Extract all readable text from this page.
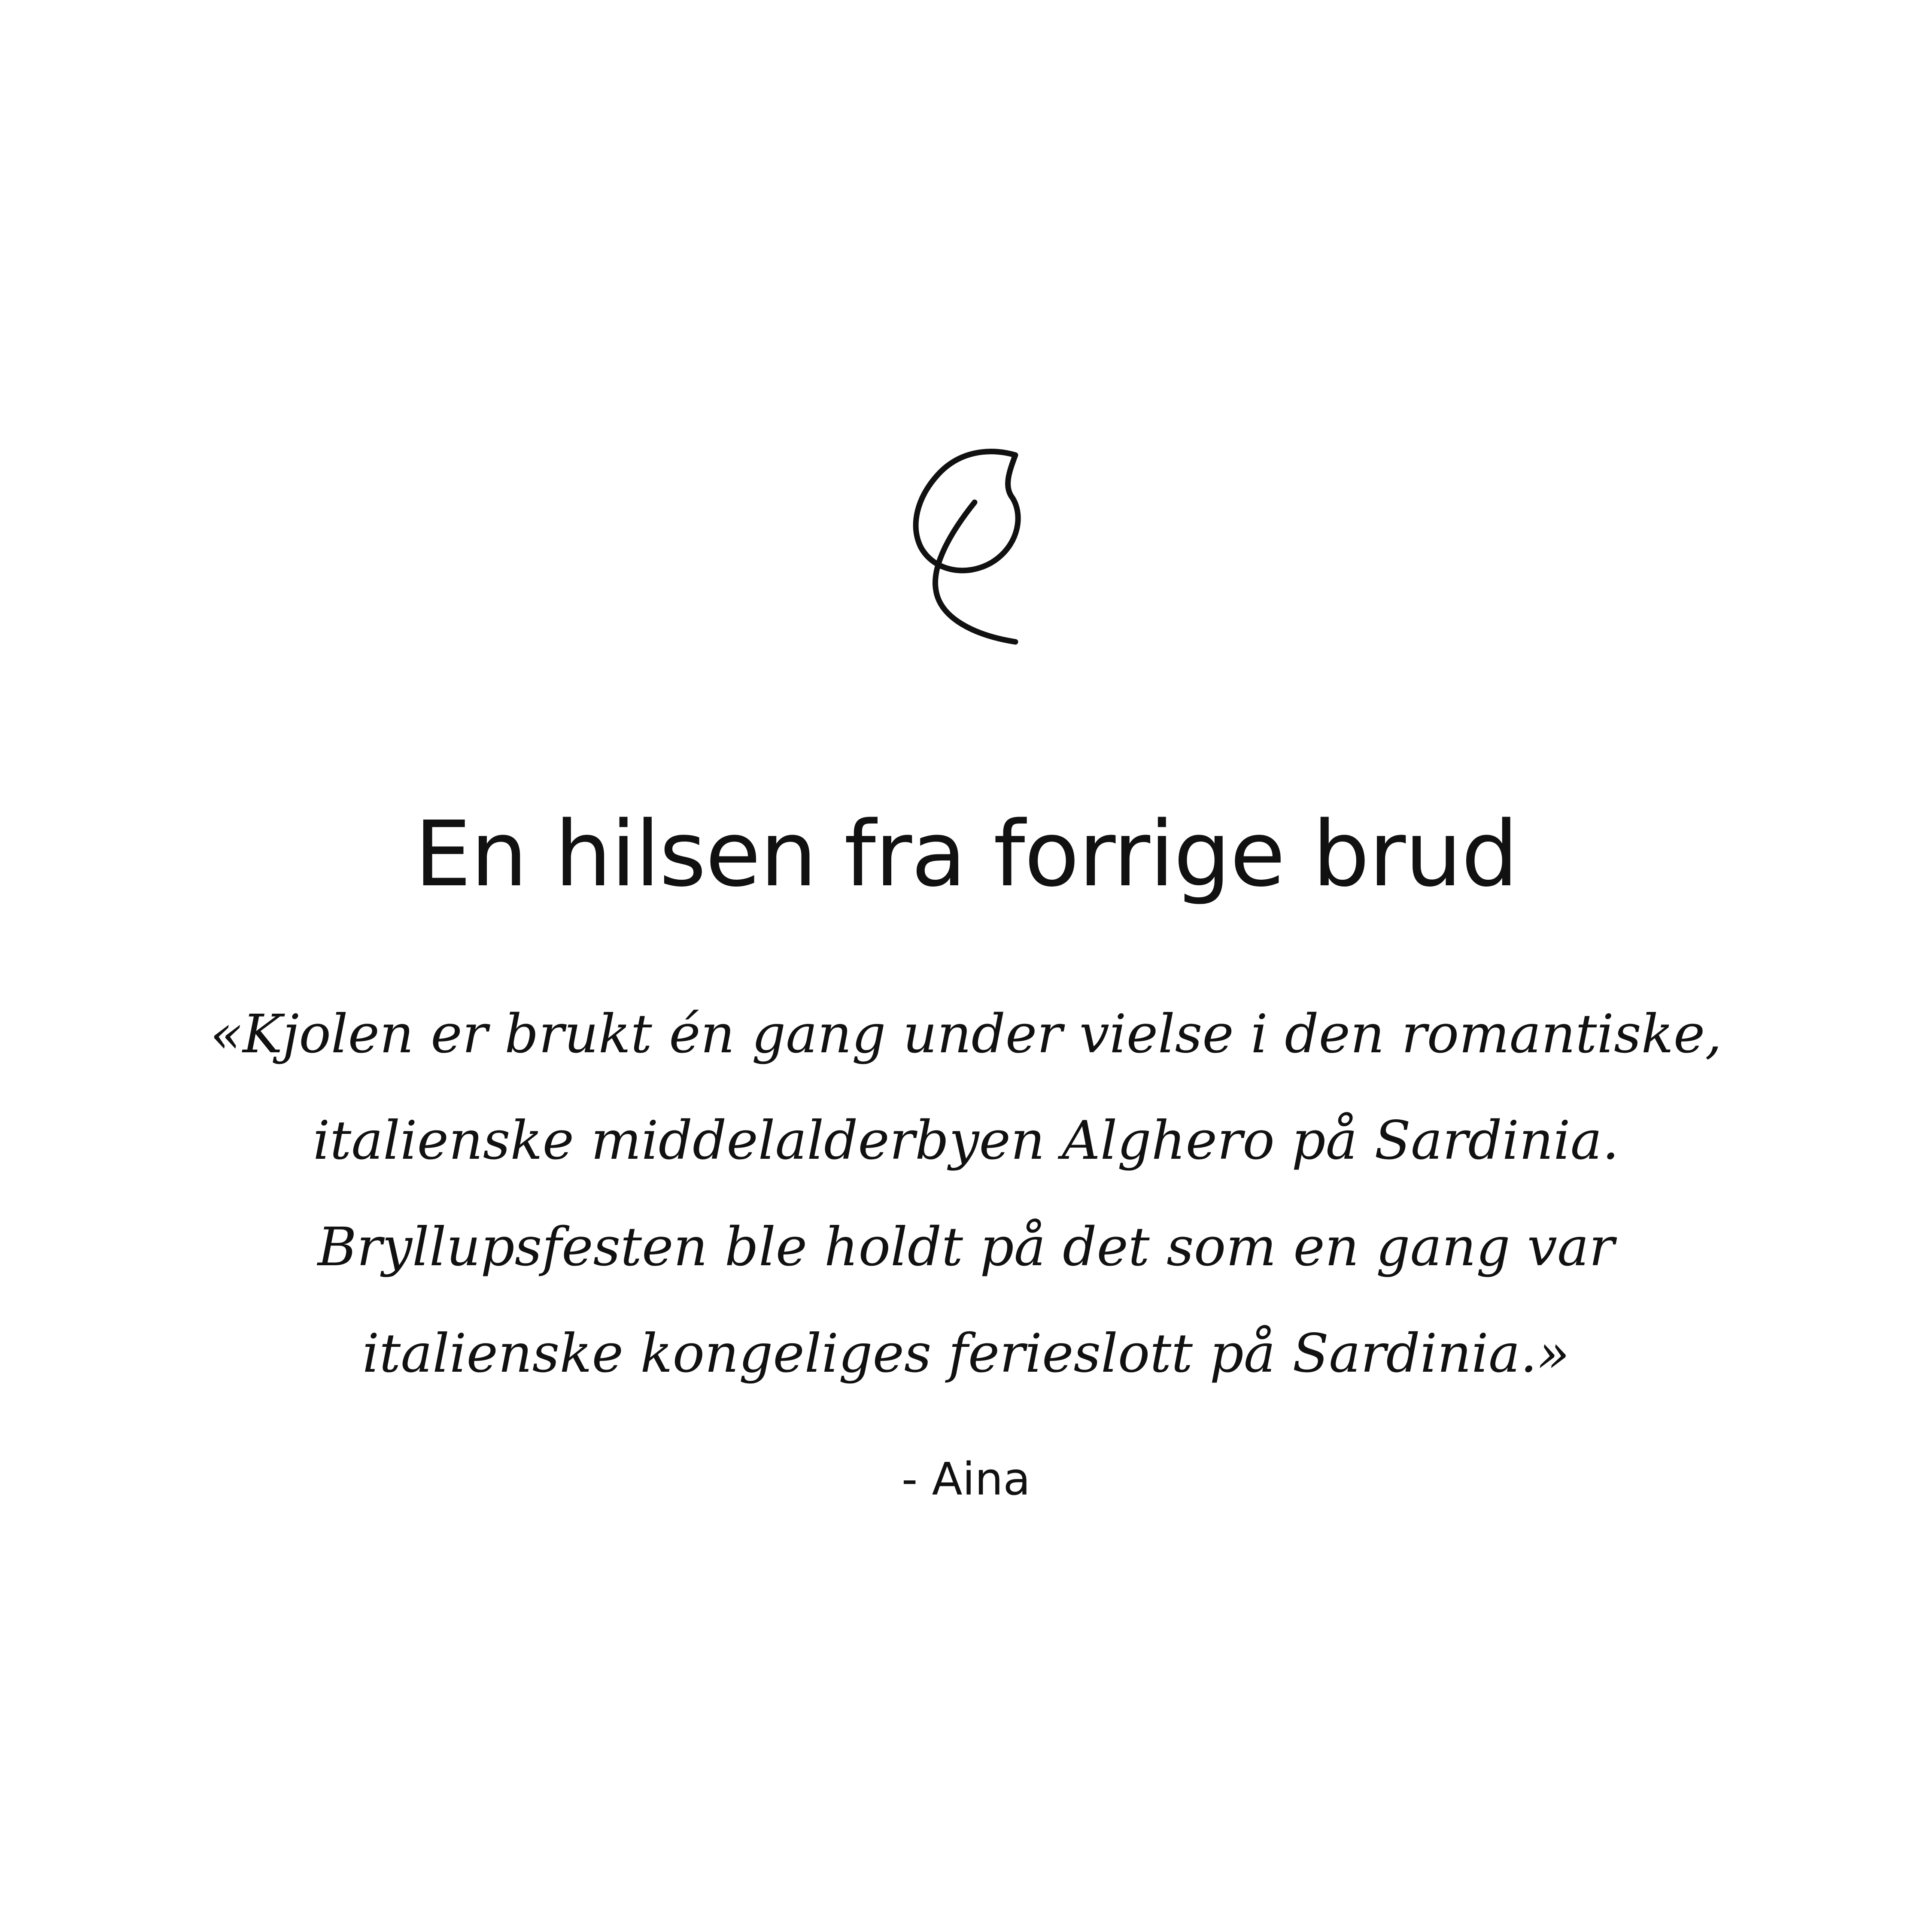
En hilsen fra forrige brud

«Kjolen er brukt én gang under vielse i den romantiske,
italienske middelalderbyen Alghero på Sardinia.
Bryllupsfesten ble holdt på det som en gang var
italienske kongeliges ferieslott på Sardinia.»

- Aina
